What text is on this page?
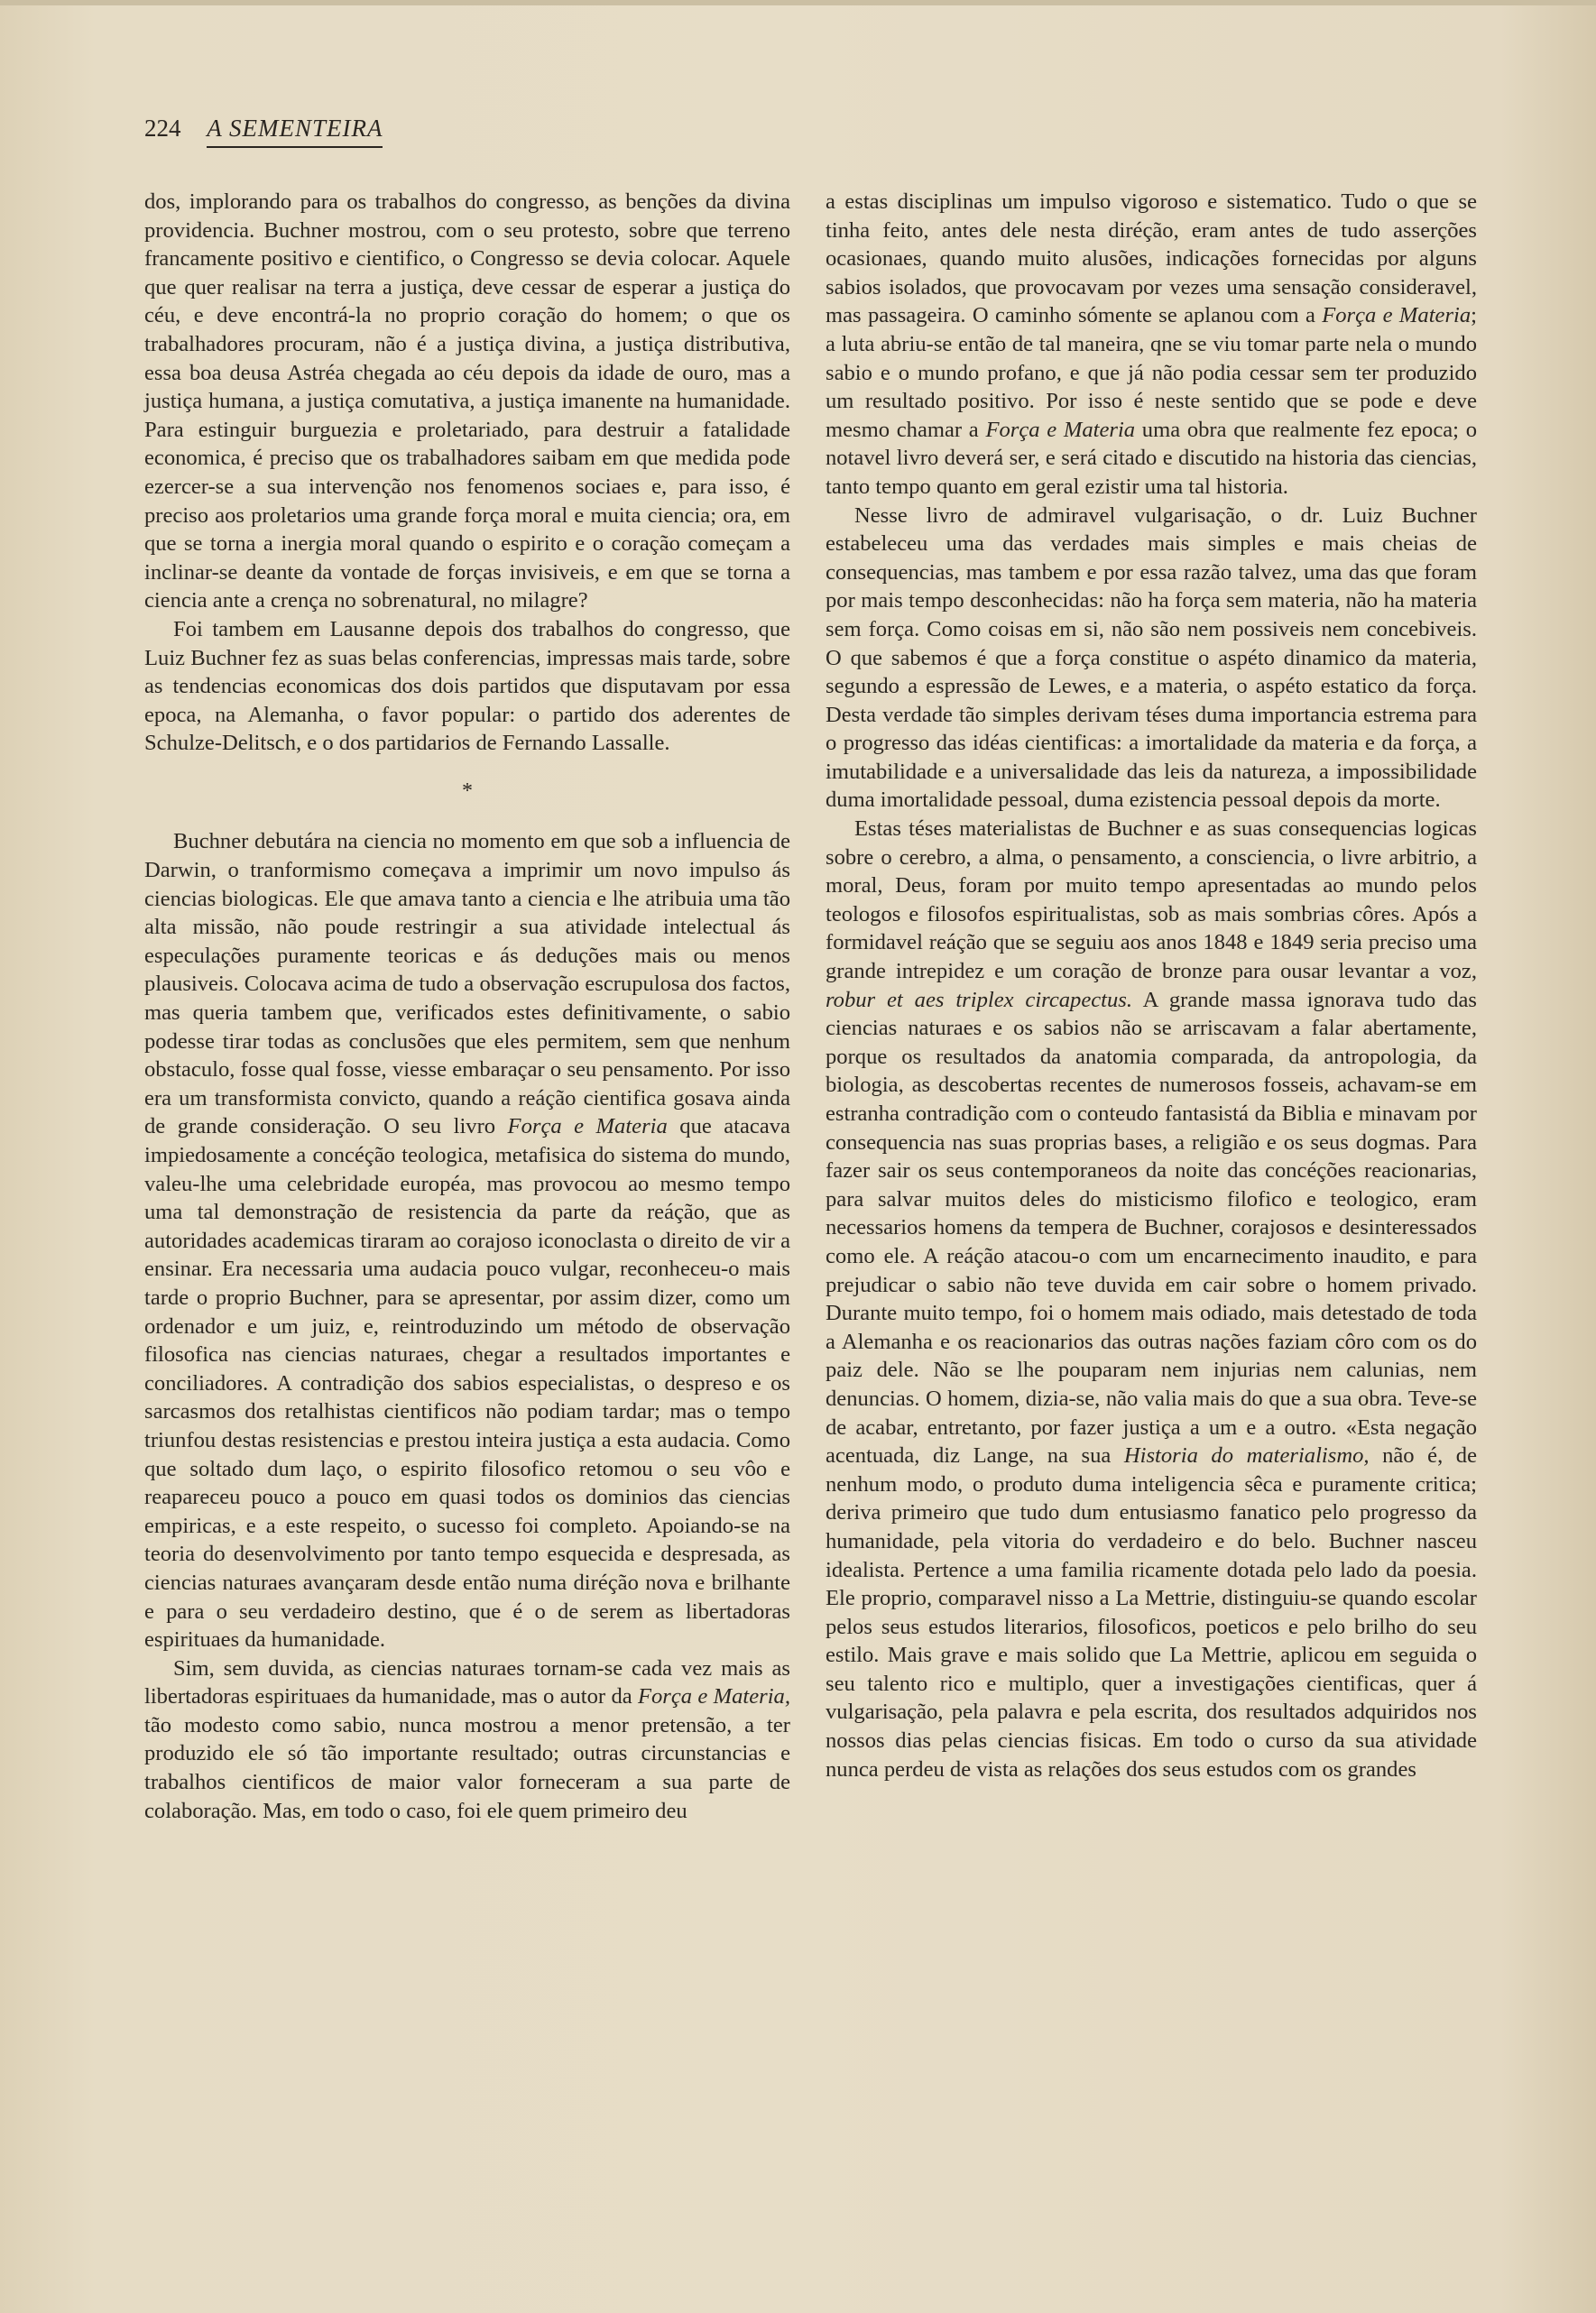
224 A SEMENTEIRA

dos, implorando para os trabalhos do congresso, as benções da divina providencia. Buchner mostrou, com o seu protesto, sobre que terreno francamente positivo e cientifico, o Congresso se devia colocar. Aquele que quer realisar na terra a justiça, deve cessar de esperar a justiça do céu, e deve encontrá-la no proprio coração do homem; o que os trabalhadores procuram, não é a justiça divina, a justiça distributiva, essa boa deusa Astréa chegada ao céu depois da idade de ouro, mas a justiça humana, a justiça comutativa, a justiça imanente na humanidade. Para estinguir burguezia e proletariado, para destruir a fatalidade economica, é preciso que os trabalhadores saibam em que medida pode ezercer-se a sua intervenção nos fenomenos sociaes e, para isso, é preciso aos proletarios uma grande força moral e muita ciencia; ora, em que se torna a inergia moral quando o espirito e o coração começam a inclinar-se deante da vontade de forças invisiveis, e em que se torna a ciencia ante a crença no sobrenatural, no milagre?

Foi tambem em Lausanne depois dos trabalhos do congresso, que Luiz Buchner fez as suas belas conferencias, impressas mais tarde, sobre as tendencias economicas dos dois partidos que disputavam por essa epoca, na Alemanha, o favor popular: o partido dos aderentes de Schulze-Delitsch, e o dos partidarios de Fernando Lassalle.

*

Buchner debutára na ciencia no momento em que sob a influencia de Darwin, o tranformismo começava a imprimir um novo impulso ás ciencias biologicas. Ele que amava tanto a ciencia e lhe atribuia uma tão alta missão, não poude restringir a sua atividade intelectual ás especulações puramente teoricas e ás deduções mais ou menos plausiveis. Colocava acima de tudo a observação escrupulosa dos factos, mas queria tambem que, verificados estes definitivamente, o sabio podesse tirar todas as conclusões que eles permitem, sem que nenhum obstaculo, fosse qual fosse, viesse embaraçar o seu pensamento. Por isso era um transformista convicto, quando a reáção cientifica gosava ainda de grande consideração. O seu livro Força e Materia que atacava impiedosamente a concéção teologica, metafisica do sistema do mundo, valeu-lhe uma celebridade européa, mas provocou ao mesmo tempo uma tal demonstração de resistencia da parte da reáção, que as autoridades academicas tiraram ao corajoso iconoclasta o direito de vir a ensinar. Era necessaria uma audacia pouco vulgar, reconheceu-o mais tarde o proprio Buchner, para se apresentar, por assim dizer, como um ordenador e um juiz, e, reintroduzindo um método de observação filosofica nas ciencias naturaes, chegar a resultados importantes e conciliadores. A contradição dos sabios especialistas, o despreso e os sarcasmos dos retalhistas cientificos não podiam tardar; mas o tempo triunfou destas resistencias e prestou inteira justiça a esta audacia. Como que soltado dum laço, o espirito filosofico retomou o seu vôo e reapareceu pouco a pouco em quasi todos os dominios das ciencias empiricas, e a este respeito, o sucesso foi completo. Apoiando-se na teoria do desenvolvimento por tanto tempo esquecida e despresada, as ciencias naturaes avançaram desde então numa diréção nova e brilhante e para o seu verdadeiro destino, que é o de serem as libertadoras espirituaes da humanidade.

Sim, sem duvida, as ciencias naturaes tornam-se cada vez mais as libertadoras espirituaes da humanidade, mas o autor da Força e Materia, tão modesto como sabio, nunca mostrou a menor pretensão, a ter produzido ele só tão importante resultado; outras circunstancias e trabalhos cientificos de maior valor forneceram a sua parte de colaboração. Mas, em todo o caso, foi ele quem primeiro deu

a estas disciplinas um impulso vigoroso e sistematico. Tudo o que se tinha feito, antes dele nesta diréção, eram antes de tudo asserções ocasionaes, quando muito alusões, indicações fornecidas por alguns sabios isolados, que provocavam por vezes uma sensação consideravel, mas passageira. O caminho sómente se aplanou com a Força e Materia; a luta abriu-se então de tal maneira, qne se viu tomar parte nela o mundo sabio e o mundo profano, e que já não podia cessar sem ter produzido um resultado positivo. Por isso é neste sentido que se pode e deve mesmo chamar a Força e Materia uma obra que realmente fez epoca; o notavel livro deverá ser, e será citado e discutido na historia das ciencias, tanto tempo quanto em geral ezistir uma tal historia.

Nesse livro de admiravel vulgarisação, o dr. Luiz Buchner estabeleceu uma das verdades mais simples e mais cheias de consequencias, mas tambem e por essa razão talvez, uma das que foram por mais tempo desconhecidas: não ha força sem materia, não ha materia sem força. Como coisas em si, não são nem possiveis nem concebiveis. O que sabemos é que a força constitue o aspéto dinamico da materia, segundo a espressão de Lewes, e a materia, o aspéto estatico da força. Desta verdade tão simples derivam téses duma importancia estrema para o progresso das idéas cientificas: a imortalidade da materia e da força, a imutabilidade e a universalidade das leis da natureza, a impossibilidade duma imortalidade pessoal, duma ezistencia pessoal depois da morte.

Estas téses materialistas de Buchner e as suas consequencias logicas sobre o cerebro, a alma, o pensamento, a consciencia, o livre arbitrio, a moral, Deus, foram por muito tempo apresentadas ao mundo pelos teologos e filosofos espiritualistas, sob as mais sombrias côres. Após a formidavel reáção que se seguiu aos anos 1848 e 1849 seria preciso uma grande intrepidez e um coração de bronze para ousar levantar a voz, robur et aes triplex circapectus. A grande massa ignorava tudo das ciencias naturaes e os sabios não se arriscavam a falar abertamente, porque os resultados da anatomia comparada, da antropologia, da biologia, as descobertas recentes de numerosos fosseis, achavam-se em estranha contradição com o conteudo fantasistá da Biblia e minavam por consequencia nas suas proprias bases, a religião e os seus dogmas. Para fazer sair os seus contemporaneos da noite das concéções reacionarias, para salvar muitos deles do misticismo filofico e teologico, eram necessarios homens da tempera de Buchner, corajosos e desinteressados como ele. A reáção atacou-o com um encarnecimento inaudito, e para prejudicar o sabio não teve duvida em cair sobre o homem privado. Durante muito tempo, foi o homem mais odiado, mais detestado de toda a Alemanha e os reacionarios das outras nações faziam côro com os do paiz dele. Não se lhe pouparam nem injurias nem calunias, nem denuncias. O homem, dizia-se, não valia mais do que a sua obra. Teve-se de acabar, entretanto, por fazer justiça a um e a outro. «Esta negação acentuada, diz Lange, na sua Historia do materialismo, não é, de nenhum modo, o produto duma inteligencia sêca e puramente critica; deriva primeiro que tudo dum entusiasmo fanatico pelo progresso da humanidade, pela vitoria do verdadeiro e do belo. Buchner nasceu idealista. Pertence a uma familia ricamente dotada pelo lado da poesia. Ele proprio, comparavel nisso a La Mettrie, distinguiu-se quando escolar pelos seus estudos literarios, filosoficos, poeticos e pelo brilho do seu estilo. Mais grave e mais solido que La Mettrie, aplicou em seguida o seu talento rico e multiplo, quer a investigações cientificas, quer á vulgarisação, pela palavra e pela escrita, dos resultados adquiridos nos nossos dias pelas ciencias fisicas. Em todo o curso da sua atividade nunca perdeu de vista as relações dos seus estudos com os grandes
